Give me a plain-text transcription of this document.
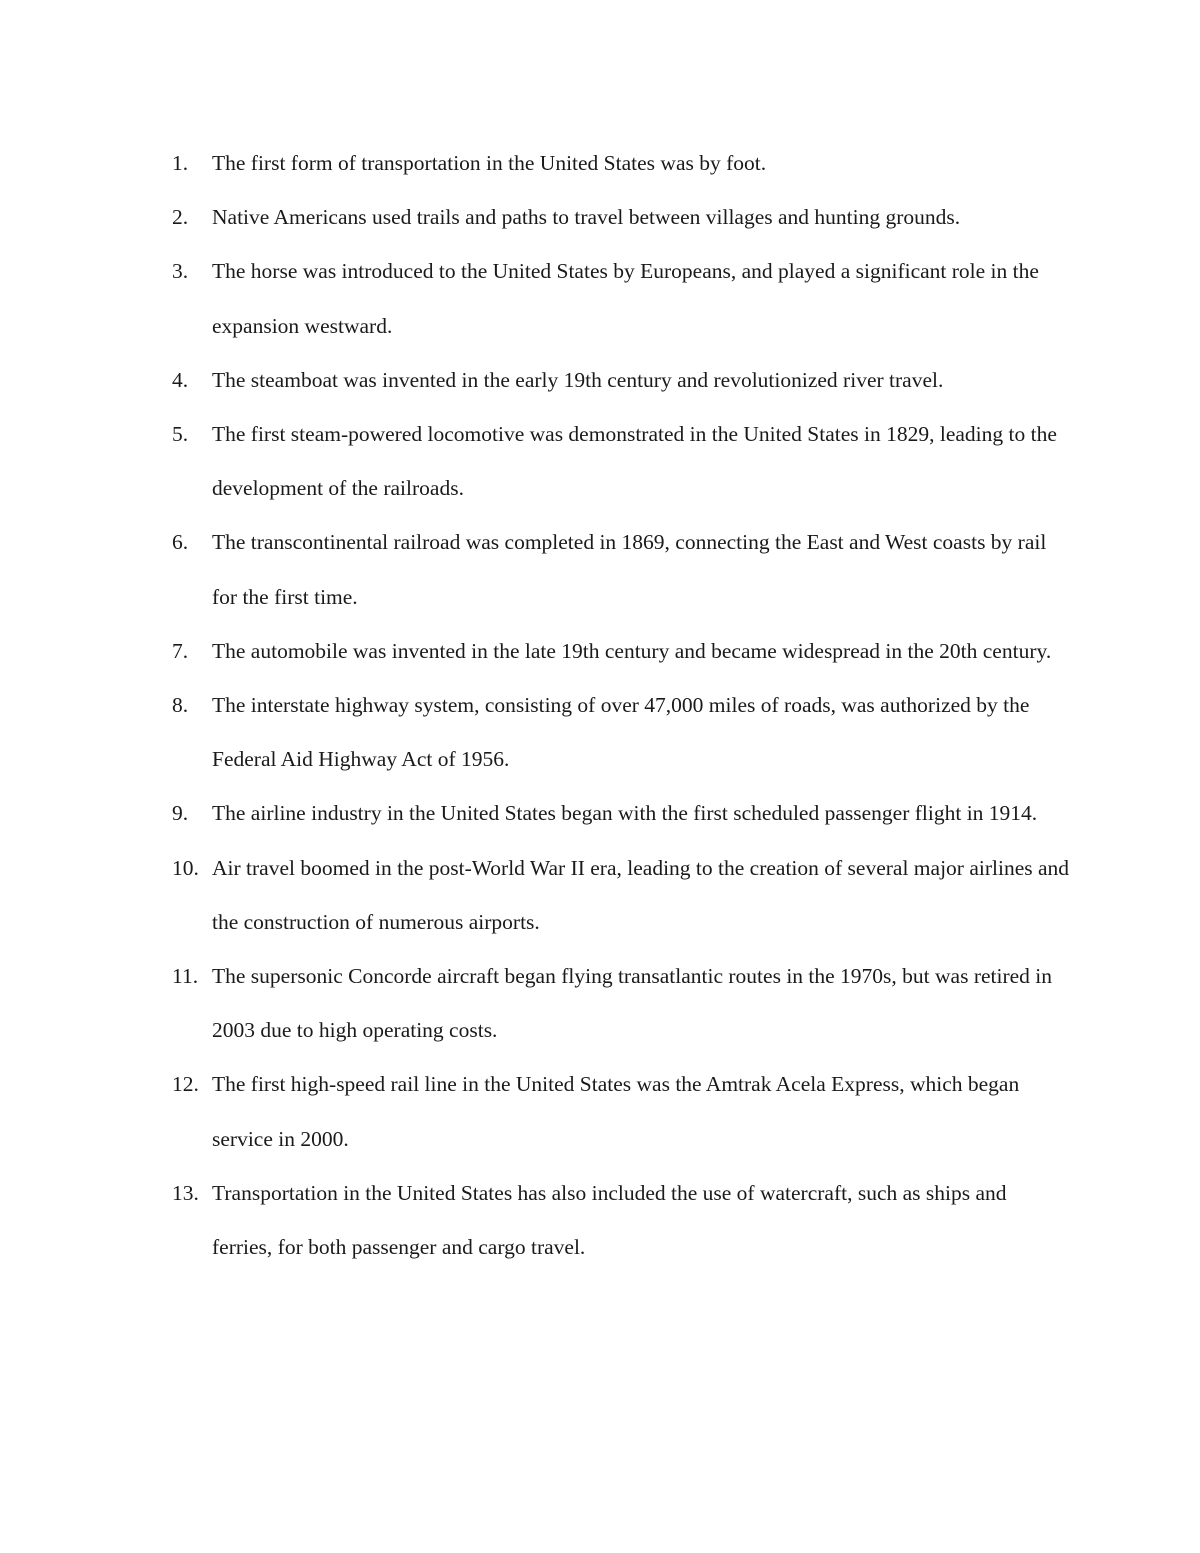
1.	The first form of transportation in the United States was by foot.
2.	Native Americans used trails and paths to travel between villages and hunting grounds.
3.	The horse was introduced to the United States by Europeans, and played a significant role in the expansion westward.
4.	The steamboat was invented in the early 19th century and revolutionized river travel.
5.	The first steam-powered locomotive was demonstrated in the United States in 1829, leading to the development of the railroads.
6.	The transcontinental railroad was completed in 1869, connecting the East and West coasts by rail for the first time.
7.	The automobile was invented in the late 19th century and became widespread in the 20th century.
8.	The interstate highway system, consisting of over 47,000 miles of roads, was authorized by the Federal Aid Highway Act of 1956.
9.	The airline industry in the United States began with the first scheduled passenger flight in 1914.
10. Air travel boomed in the post-World War II era, leading to the creation of several major airlines and the construction of numerous airports.
11. The supersonic Concorde aircraft began flying transatlantic routes in the 1970s, but was retired in 2003 due to high operating costs.
12. The first high-speed rail line in the United States was the Amtrak Acela Express, which began service in 2000.
13. Transportation in the United States has also included the use of watercraft, such as ships and ferries, for both passenger and cargo travel.
